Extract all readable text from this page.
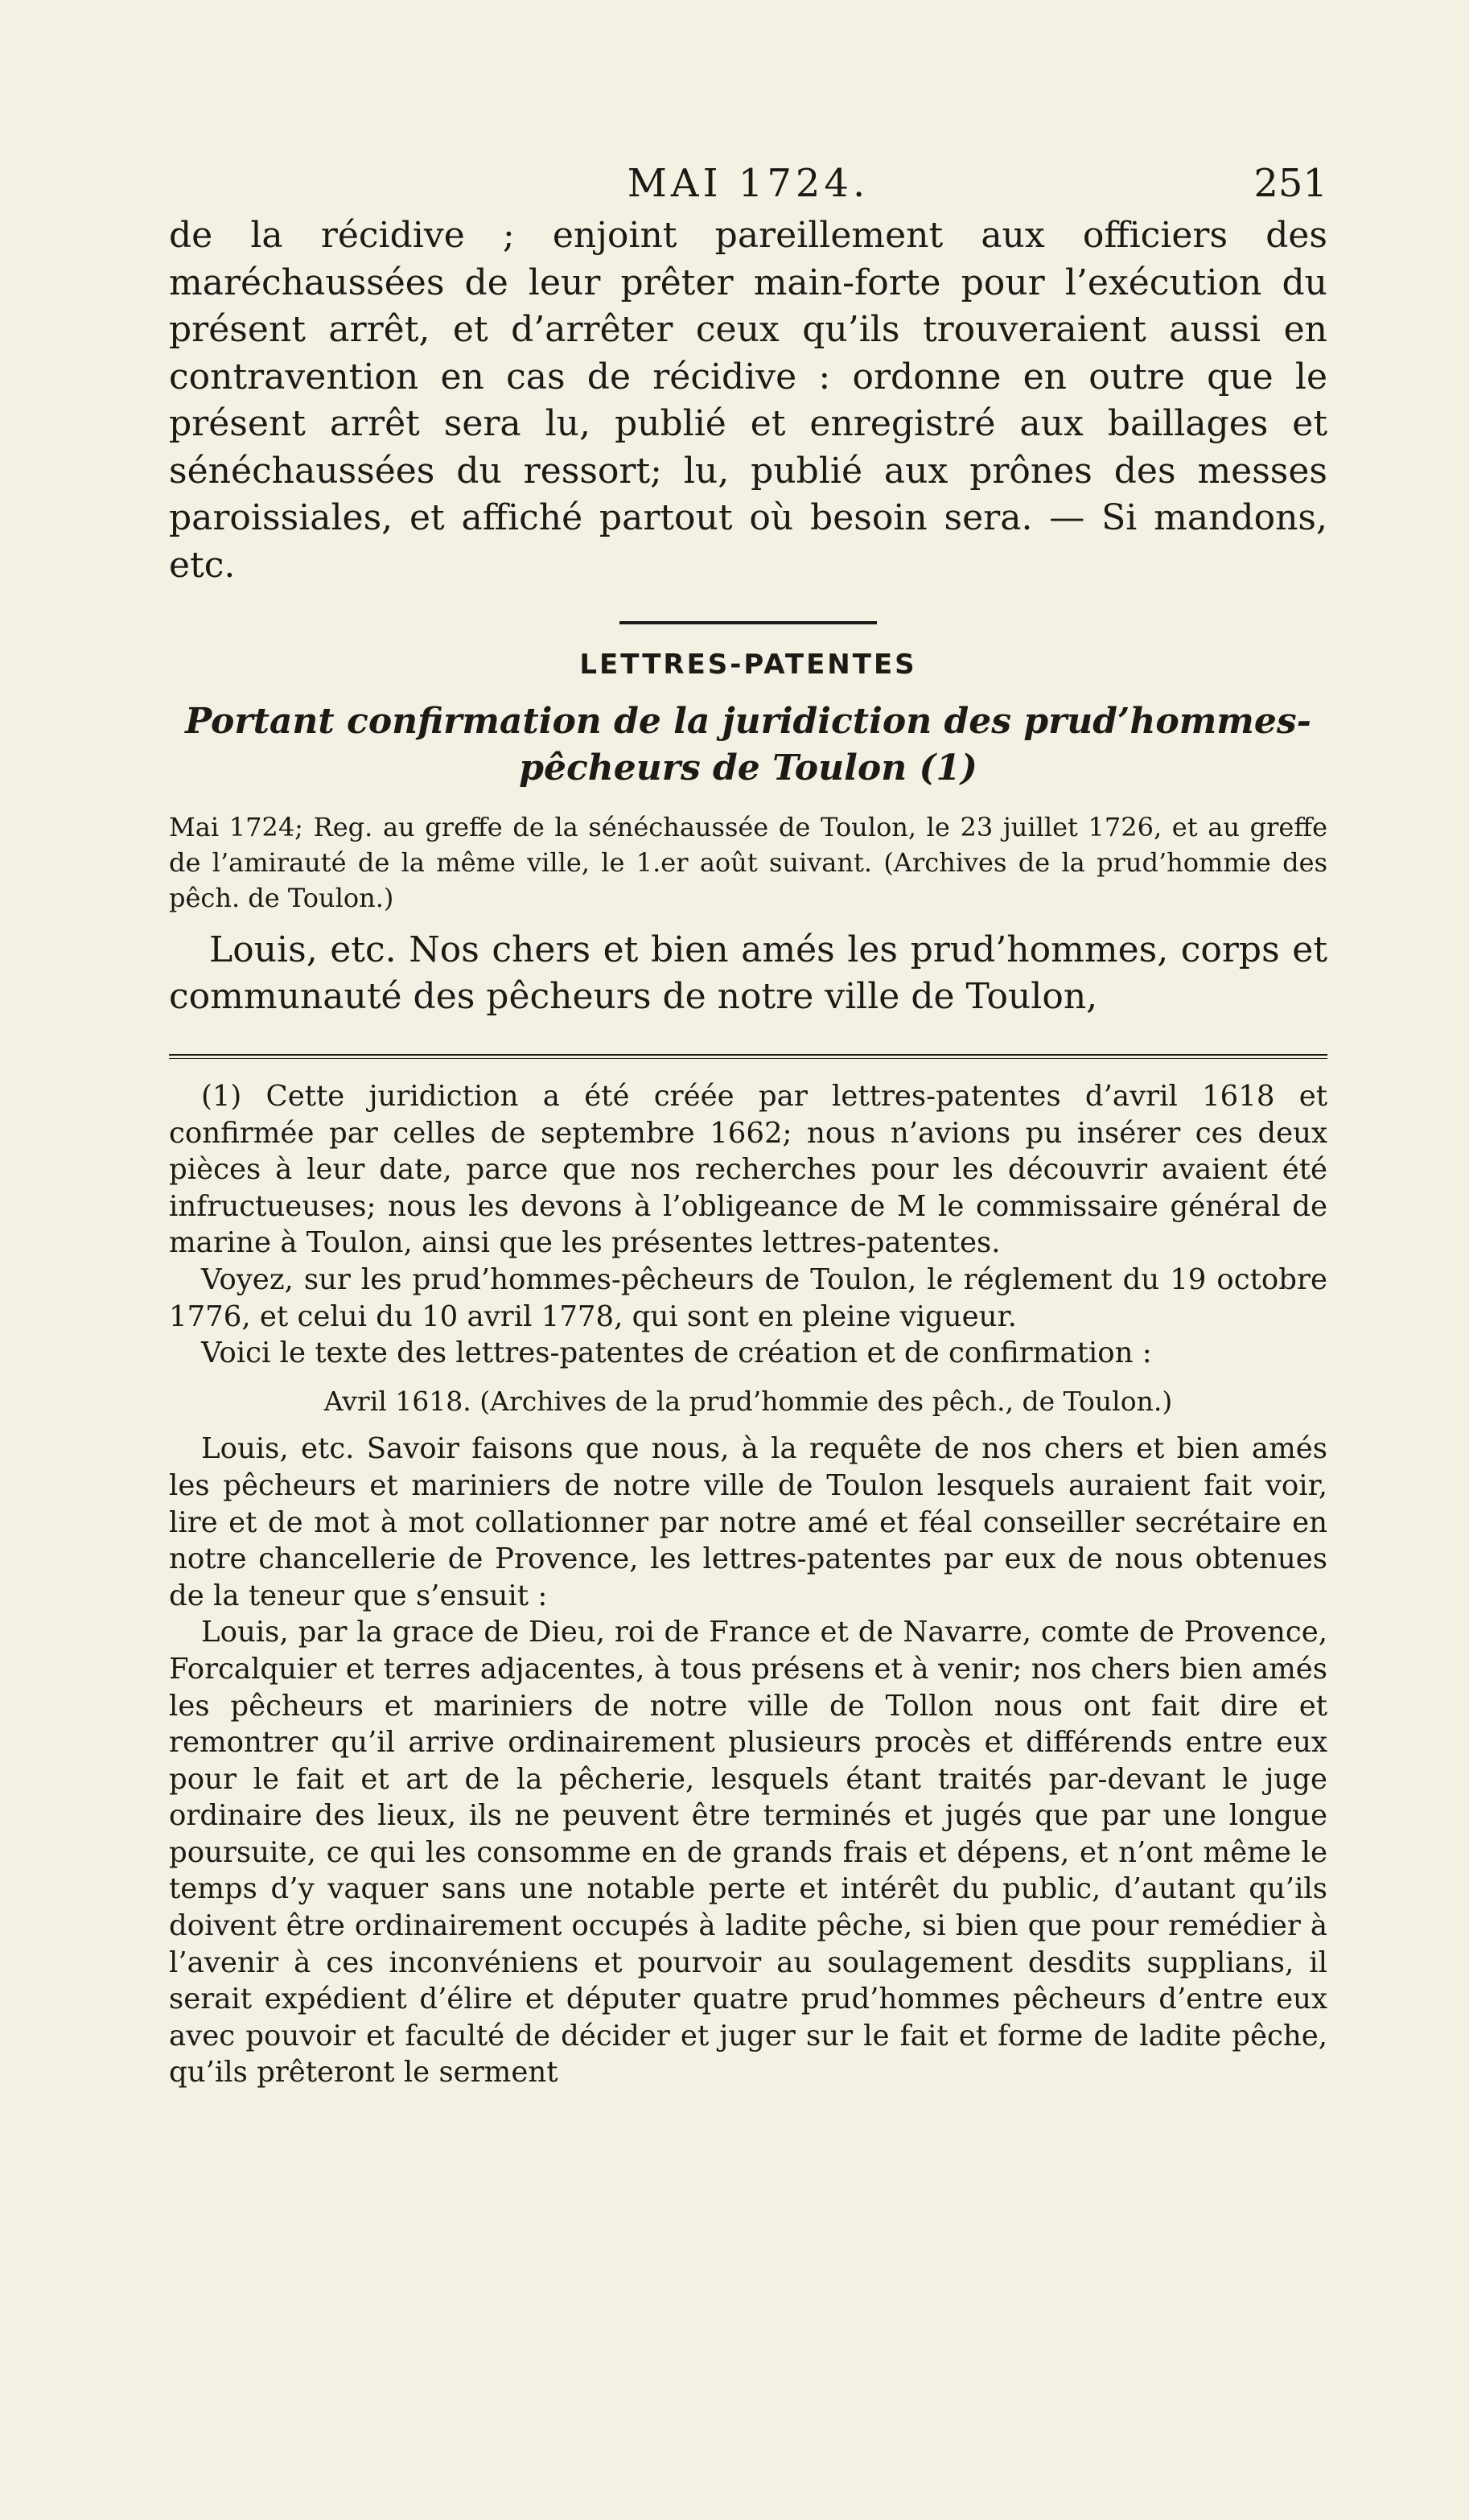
MAI 1724.	251
de la récidive ; enjoint pareillement aux officiers des maréchaussées de leur prêter main-forte pour l’exécution du présent arrêt, et d’arrêter ceux qu’ils trouveraient aussi en contravention en cas de récidive : ordonne en outre que le présent arrêt sera lu, publié et enregistré aux baillages et sénéchaussées du ressort; lu, publié aux prônes des messes paroissiales, et affiché partout où besoin sera. — Si mandons, etc.
LETTRES-PATENTES
Portant confirmation de la juridiction des prud’hommes-pêcheurs de Toulon (1)
Mai 1724; Reg. au greffe de la sénéchaussée de Toulon, le 23 juillet 1726, et au greffe de l’amirauté de la même ville, le 1.er août suivant. (Archives de la prud’hommie des pêch. de Toulon.)

Louis, etc. Nos chers et bien amés les prud’hommes, corps et communauté des pêcheurs de notre ville de Toulon,

(1) Cette juridiction a été créée par lettres-patentes d’avril 1618 et confirmée par celles de septembre 1662; nous n’avions pu insérer ces deux pièces à leur date, parce que nos recherches pour les découvrir avaient été infructueuses; nous les devons à l’obligeance de M le commissaire général de marine à Toulon, ainsi que les présentes lettres-patentes.

Voyez, sur les prud’hommes-pêcheurs de Toulon, le réglement du 19 octobre 1776, et celui du 10 avril 1778, qui sont en pleine vigueur.

Voici le texte des lettres-patentes de création et de confirmation :

Avril 1618. (Archives de la prud’hommie des pêch., de Toulon.)

Louis, etc. Savoir faisons que nous, à la requête de nos chers et bien amés les pêcheurs et mariniers de notre ville de Toulon lesquels auraient fait voir, lire et de mot à mot collationner par notre amé et féal conseiller secrétaire en notre chancellerie de Provence, les lettres-patentes par eux de nous obtenues de la teneur que s’ensuit :

Louis, par la grace de Dieu, roi de France et de Navarre, comte de Provence, Forcalquier et terres adjacentes, à tous présens et à venir; nos chers bien amés les pêcheurs et mariniers de notre ville de Tollon nous ont fait dire et remontrer qu’il arrive ordinairement plusieurs procès et différends entre eux pour le fait et art de la pêcherie, lesquels étant traités par-devant le juge ordinaire des lieux, ils ne peuvent être terminés et jugés que par une longue poursuite, ce qui les consomme en de grands frais et dépens, et n’ont même le temps d’y vaquer sans une notable perte et intérêt du public, d’autant qu’ils doivent être ordinairement occupés à ladite pêche, si bien que pour remédier à l’avenir à ces inconvéniens et pourvoir au soulagement desdits supplians, il serait expédient d’élire et députer quatre prud’hommes pêcheurs d’entre eux avec pouvoir et faculté de décider et juger sur le fait et forme de ladite pêche, qu’ils prêteront le serment
